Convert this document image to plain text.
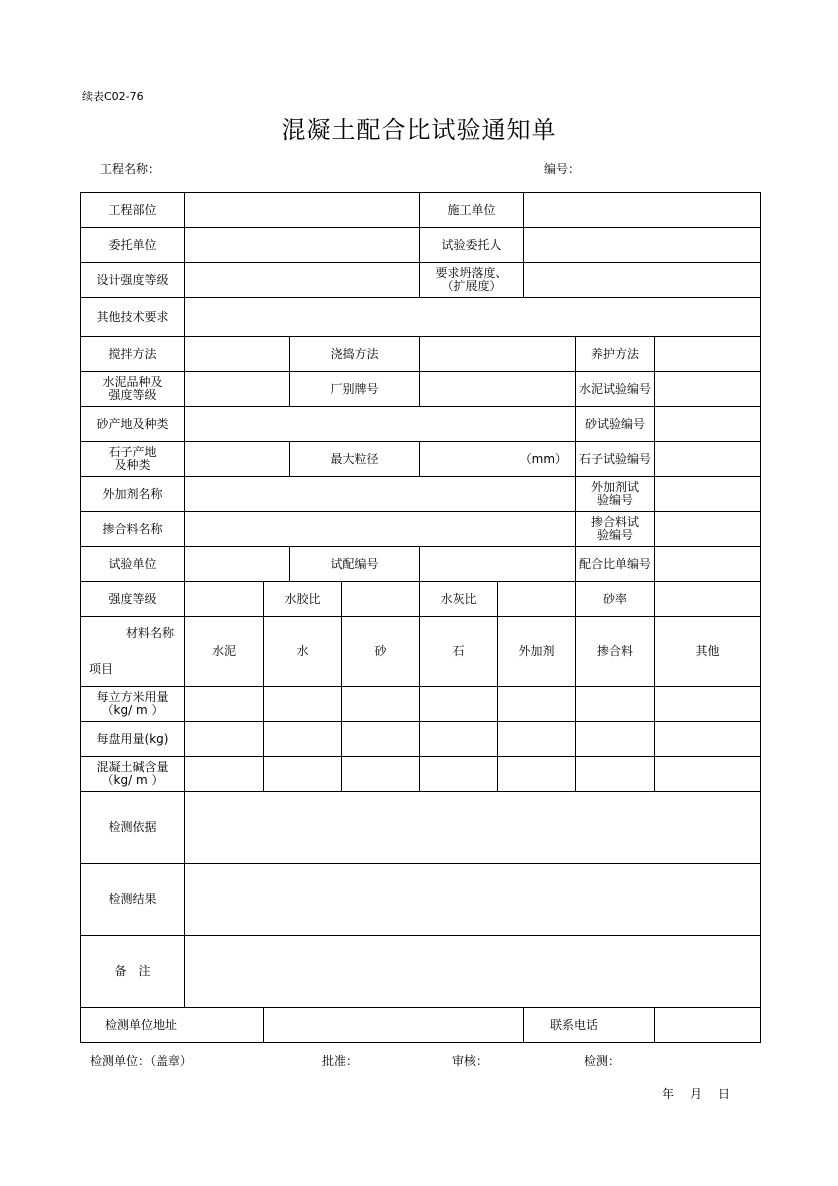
续表C02-76
混凝土配合比试验通知单
工程名称：	编号：
工程部位					施工单位				
委托单位					试验委托人				
设计强度等级					要求坍落度、
（扩展度）				
其他技术要求									
搅拌方法			浇捣方法					养护方法	
水泥品种及
强度等级			厂别牌号					水泥试验编号	
砂产地及种类								砂试验编号	
石子产地
及种类			最大粒径		（mm）			石子试验编号	
外加剂名称								外加剂试
验编号	
掺合料名称								掺合料试
验编号	
试验单位			试配编号					配合比单编号	
强度等级		水胶比			水灰比			砂率	

材料名称
项目	水泥	水		砂	石	外加剂		掺合料	其他
每立方米用量
（kg/ m ）									
每盘用量(kg)									
混凝土碱含量
（kg/ m ）									
检测依据									
检测结果									
备　注									
检测单位地址							联系电话		
检测单位：（盖章）	批准：	审核：	检测：
年　月　日
